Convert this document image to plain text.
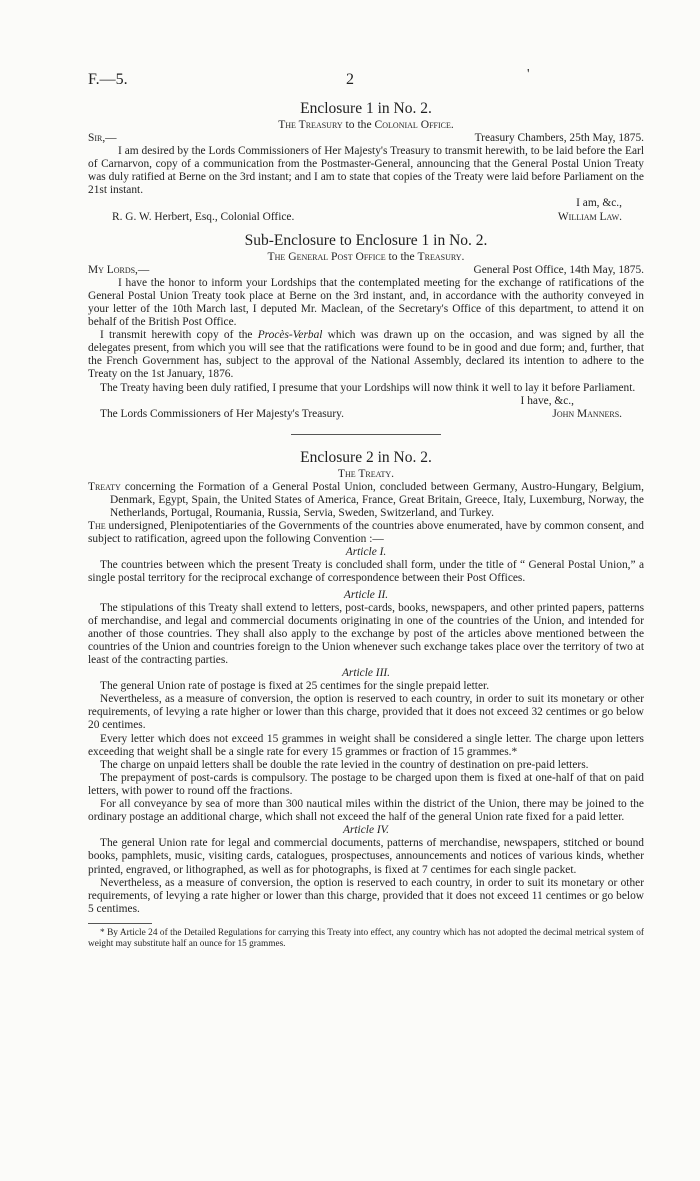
F.—5.	2	'
Enclosure 1 in No. 2.
The Treasury to the Colonial Office.
Sir,—	Treasury Chambers, 25th May, 1875.

I am desired by the Lords Commissioners of Her Majesty's Treasury to transmit herewith, to be laid before the Earl of Carnarvon, copy of a communication from the Postmaster-General, announcing that the General Postal Union Treaty was duly ratified at Berne on the 3rd instant; and I am to state that copies of the Treaty were laid before Parliament on the 21st instant.

I am, &c.,
R. G. W. Herbert, Esq., Colonial Office.	William Law.
Sub-Enclosure to Enclosure 1 in No. 2.
The General Post Office to the Treasury.
My Lords,—	General Post Office, 14th May, 1875.

I have the honor to inform your Lordships that the contemplated meeting for the exchange of ratifications of the General Postal Union Treaty took place at Berne on the 3rd instant, and, in accordance with the authority conveyed in your letter of the 10th March last, I deputed Mr. Maclean, of the Secretary's Office of this department, to attend it on behalf of the British Post Office.

I transmit herewith copy of the Procès-Verbal which was drawn up on the occasion, and was signed by all the delegates present, from which you will see that the ratifications were found to be in good and due form; and, further, that the French Government has, subject to the approval of the National Assembly, declared its intention to adhere to the Treaty on the 1st January, 1876.

The Treaty having been duly ratified, I presume that your Lordships will now think it well to lay it before Parliament.

I have, &c.,
The Lords Commissioners of Her Majesty's Treasury.	John Manners.
Enclosure 2 in No. 2.
The Treaty.

Treaty concerning the Formation of a General Postal Union, concluded between Germany, Austro-Hungary, Belgium, Denmark, Egypt, Spain, the United States of America, France, Great Britain, Greece, Italy, Luxemburg, Norway, the Netherlands, Portugal, Roumania, Russia, Servia, Sweden, Switzerland, and Turkey.

The undersigned, Plenipotentiaries of the Governments of the countries above enumerated, have by common consent, and subject to ratification, agreed upon the following Convention :—

Article I.

The countries between which the present Treaty is concluded shall form, under the title of “ General Postal Union,” a single postal territory for the reciprocal exchange of correspondence between their Post Offices.

Article II.

The stipulations of this Treaty shall extend to letters, post-cards, books, newspapers, and other printed papers, patterns of merchandise, and legal and commercial documents originating in one of the countries of the Union, and intended for another of those countries. They shall also apply to the exchange by post of the articles above mentioned between the countries of the Union and countries foreign to the Union whenever such exchange takes place over the territory of two at least of the contracting parties.

Article III.

The general Union rate of postage is fixed at 25 centimes for the single prepaid letter.

Nevertheless, as a measure of conversion, the option is reserved to each country, in order to suit its monetary or other requirements, of levying a rate higher or lower than this charge, provided that it does not exceed 32 centimes or go below 20 centimes.

Every letter which does not exceed 15 grammes in weight shall be considered a single letter. The charge upon letters exceeding that weight shall be a single rate for every 15 grammes or fraction of 15 grammes.*

The charge on unpaid letters shall be double the rate levied in the country of destination on pre-paid letters.

The prepayment of post-cards is compulsory. The postage to be charged upon them is fixed at one-half of that on paid letters, with power to round off the fractions.

For all conveyance by sea of more than 300 nautical miles within the district of the Union, there may be joined to the ordinary postage an additional charge, which shall not exceed the half of the general Union rate fixed for a paid letter.

Article IV.

The general Union rate for legal and commercial documents, patterns of merchandise, newspapers, stitched or bound books, pamphlets, music, visiting cards, catalogues, prospectuses, announcements and notices of various kinds, whether printed, engraved, or lithographed, as well as for photographs, is fixed at 7 centimes for each single packet.

Nevertheless, as a measure of conversion, the option is reserved to each country, in order to suit its monetary or other requirements, of levying a rate higher or lower than this charge, provided that it does not exceed 11 centimes or go below 5 centimes.

* By Article 24 of the Detailed Regulations for carrying this Treaty into effect, any country which has not adopted the decimal metrical system of weight may substitute half an ounce for 15 grammes.
